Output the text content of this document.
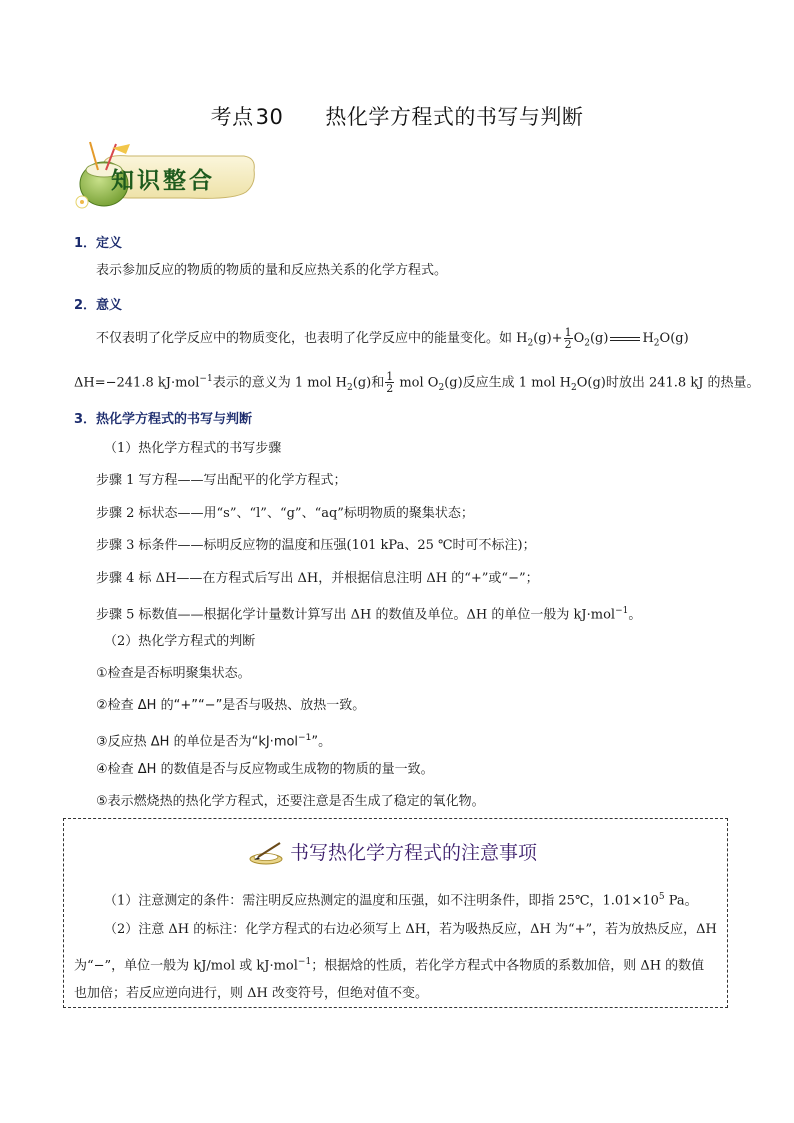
考点30 热化学方程式的书写与判断
知识整合
1．定义
表示参加反应的物质的物质的量和反应热关系的化学方程式。
2．意义
不仅表明了化学反应中的物质变化，也表明了化学反应中的能量变化。如 $H_2(g)+ \frac{1}{2} O_2(g)$	$H_2O(g)$
ΔH=−241.8 kJ·mol$^{-1}$表示的意义为 1 mol $H_2(g)$和 $\frac{1}{2}$ mol $O_2(g)$反应生成 1 mol $H_2O(g)$时放出 241.8 kJ 的热量。
3．热化学方程式的书写与判断
（1）热化学方程式的书写步骤
步骤 1 写方程——写出配平的化学方程式；
步骤 2 标状态——用“s”、“l”、“g”、“aq”标明物质的聚集状态；
步骤 3 标条件——标明反应物的温度和压强(101 kPa、25 ℃时可不标注)；
步骤 4 标 ΔH——在方程式后写出 ΔH，并根据信息注明 ΔH 的“+”或“−”；
步骤 5 标数值——根据化学计量数计算写出 ΔH 的数值及单位。ΔH 的单位一般为 kJ·mol$^{-1}$。
（2）热化学方程式的判断
①检查是否标明聚集状态。
②检查 ΔH 的“+”“−”是否与吸热、放热一致。
③反应热 ΔH 的单位是否为“kJ·mol$^{-1}$”。
④检查 ΔH 的数值是否与反应物或生成物的物质的量一致。
⑤表示燃烧热的热化学方程式，还要注意是否生成了稳定的氧化物。
书写热化学方程式的注意事项
（1）注意测定的条件：需注明反应热测定的温度和压强，如不注明条件，即指 25℃，$1.01\times 10^5$ Pa。
（2）注意 ΔH 的标注：化学方程式的右边必须写上 ΔH，若为吸热反应，ΔH 为“+”，若为放热反应，ΔH
为“−”，单位一般为 kJ/mol 或 kJ·mol$^{-1}$；根据焓的性质，若化学方程式中各物质的系数加倍，则 ΔH 的数值
也加倍；若反应逆向进行，则 ΔH 改变符号，但绝对值不变。
